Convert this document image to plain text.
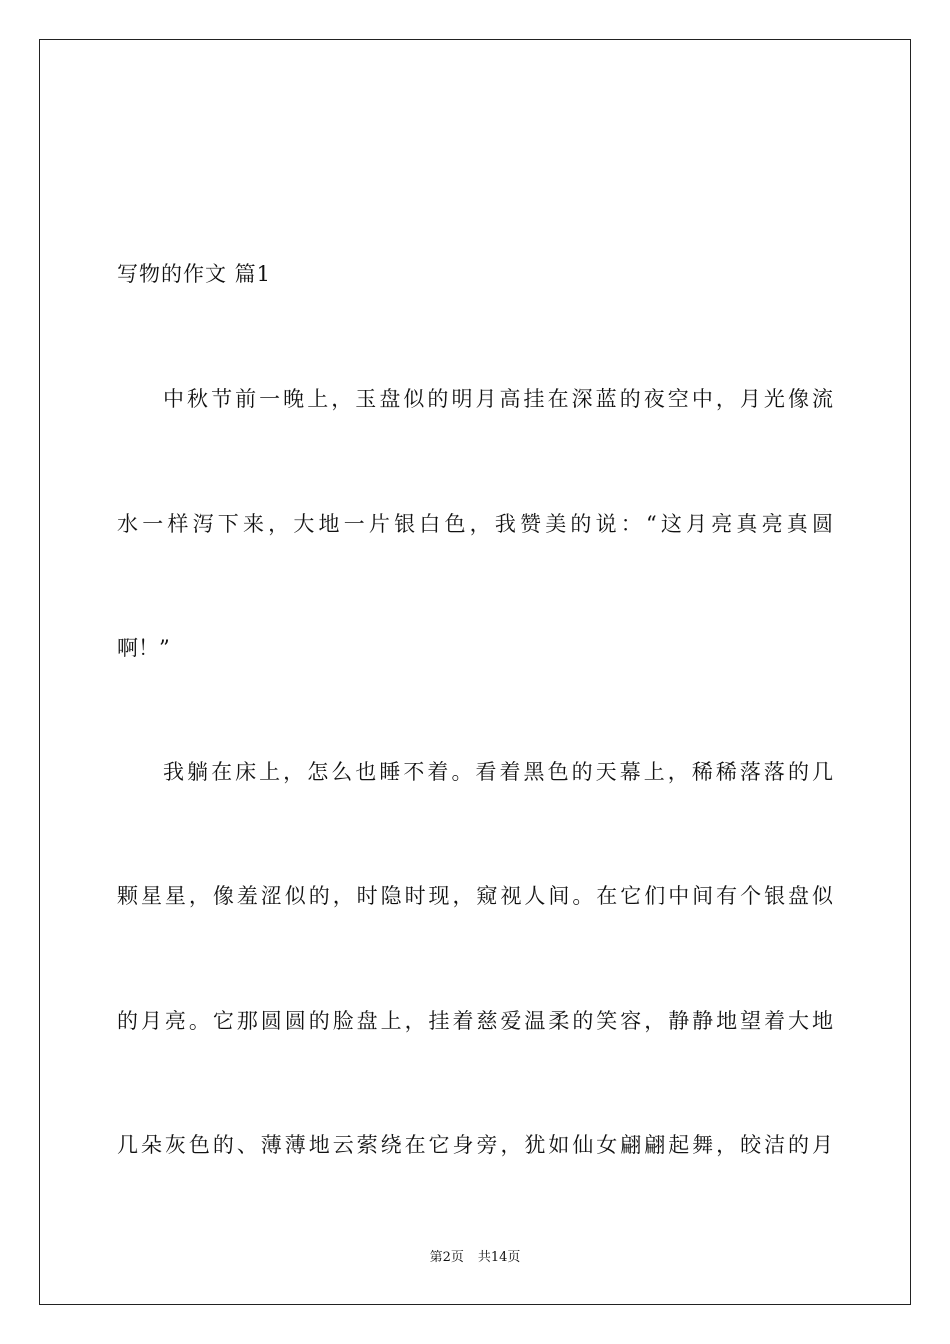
写物的作文 篇1
中秋节前一晚上，玉盘似的明月高挂在深蓝的夜空中，月光像流
水一样泻下来，大地一片银白色，我赞美的说：“这月亮真亮真圆
啊！”
我躺在床上，怎么也睡不着。看着黑色的天幕上，稀稀落落的几
颗星星，像羞涩似的，时隐时现，窥视人间。在它们中间有个银盘似
的月亮。它那圆圆的脸盘上，挂着慈爱温柔的笑容，静静地望着大地
几朵灰色的、薄薄地云萦绕在它身旁，犹如仙女翩翩起舞，皎洁的月
第2页 共14页
